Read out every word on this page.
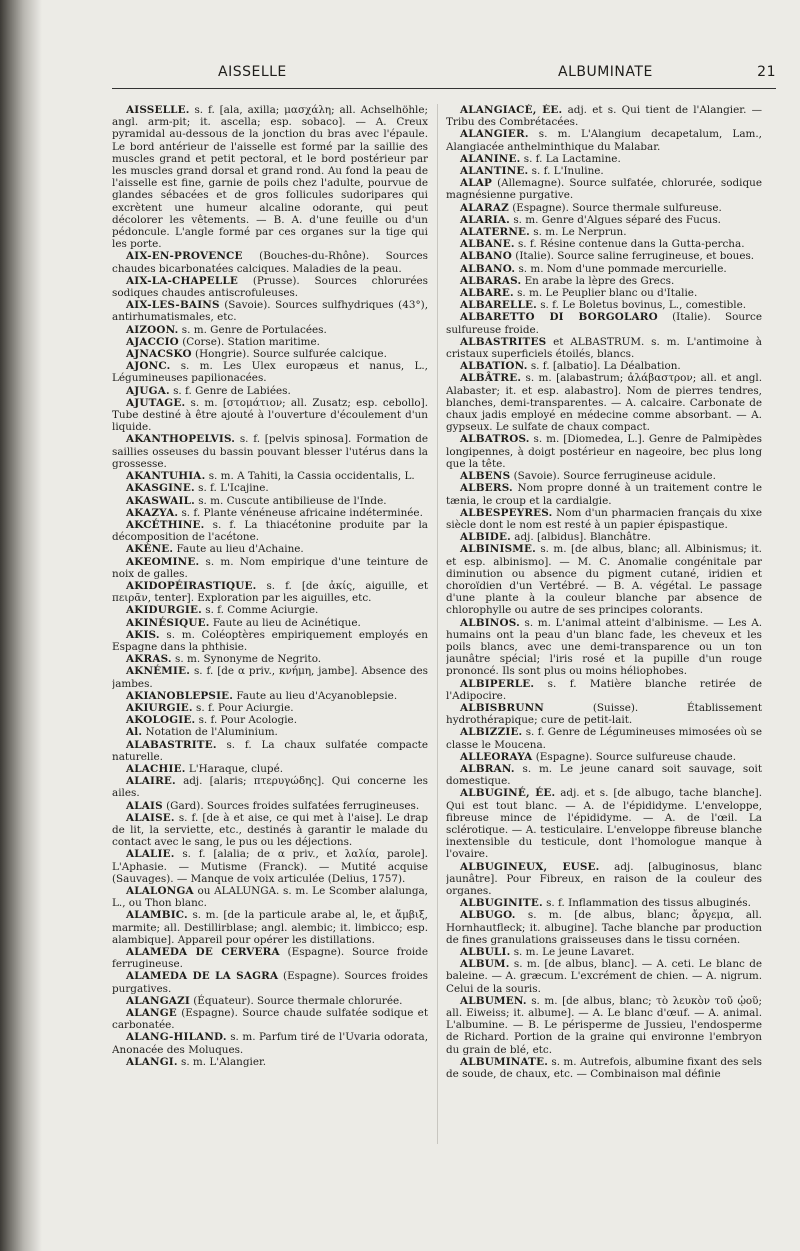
AISSELLE	ALBUMINATE	21

AISSELLE. s. f. [ala, axilla; μασχάλη; all. Achselhöhle; angl. arm-pit; it. ascella; esp. sobaco]. — A. Creux pyramidal au-dessous de la jonction du bras avec l'épaule. Le bord antérieur de l'aisselle est formé par la saillie des muscles grand et petit pectoral, et le bord postérieur par les muscles grand dorsal et grand rond. Au fond la peau de l'aisselle est fine, garnie de poils chez l'adulte, pourvue de glandes sébacées et de gros follicules sudoripares qui excrètent une humeur alcaline odorante, qui peut décolorer les vêtements. — B. A. d'une feuille ou d'un pédoncule. L'angle formé par ces organes sur la tige qui les porte.

AIX-EN-PROVENCE (Bouches-du-Rhône). Sources chaudes bicarbonatées calciques. Maladies de la peau.

AIX-LA-CHAPELLE (Prusse). Sources chlorurées sodiques chaudes antiscrofuleuses.

AIX-LES-BAINS (Savoie). Sources sulfhydriques (43°), antirhumatismales, etc.

AIZOON. s. m. Genre de Portulacées.

AJACCIO (Corse). Station maritime.

AJNACSKO (Hongrie). Source sulfurée calcique.

AJONC. s. m. Les Ulex europæus et nanus, L., Légumineuses papilionacées.

AJUGA. s. f. Genre de Labiées.

AJUTAGE. s. m. [στομάτιον; all. Zusatz; esp. cebollo]. Tube destiné à être ajouté à l'ouverture d'écoulement d'un liquide.

AKANTHOPELVIS. s. f. [pelvis spinosa]. Formation de saillies osseuses du bassin pouvant blesser l'utérus dans la grossesse.

AKANTUHIA. s. m. A Tahiti, la Cassia occidentalis, L.

AKASGINE. s. f. L'Icajine.

AKASWAIL. s. m. Cuscute antibilieuse de l'Inde.

AKAZYA. s. f. Plante vénéneuse africaine indéterminée.

AKCÉTHINE. s. f. La thiacétonine produite par la décomposition de l'acétone.

AKÈNE. Faute au lieu d'Achaine.

AKEOMINE. s. m. Nom empirique d'une teinture de noix de galles.

AKIDOPÉIRASTIQUE. s. f. [de ἀκίς, aiguille, et πειρᾶν, tenter]. Exploration par les aiguilles, etc.

AKIDURGIE. s. f. Comme Aciurgie.

AKINÉSIQUE. Faute au lieu de Acinétique.

AKIS. s. m. Coléoptères empiriquement employés en Espagne dans la phthisie.

AKRAS. s. m. Synonyme de Negrito.

AKNÉMIE. s. f. [de α priv., κνήμη, jambe]. Absence des jambes.

AKIANOBLEPSIE. Faute au lieu d'Acyanoblepsie.

AKIURGIE. s. f. Pour Aciurgie.

AKOLOGIE. s. f. Pour Acologie.

Al. Notation de l'Aluminium.

ALABASTRITE. s. f. La chaux sulfatée compacte naturelle.

ALACHIE. L'Haraque, clupé.

ALAIRE. adj. [alaris; πτερυγώδης]. Qui concerne les ailes.

ALAIS (Gard). Sources froides sulfatées ferrugineuses.

ALAISE. s. f. [de à et aise, ce qui met à l'aise]. Le drap de lit, la serviette, etc., destinés à garantir le malade du contact avec le sang, le pus ou les déjections.

ALALIE. s. f. [alalia; de α priv., et λαλία, parole]. L'Aphasie. — Mutisme (Franck). — Mutité acquise (Sauvages). — Manque de voix articulée (Delius, 1757).

ALALONGA ou ALALUNGA. s. m. Le Scomber alalunga, L., ou Thon blanc.

ALAMBIC. s. m. [de la particule arabe al, le, et ἄμβιξ, marmite; all. Destillirblase; angl. alembic; it. limbicco; esp. alambique]. Appareil pour opérer les distillations.

ALAMEDA DE CERVERA (Espagne). Source froide ferrugineuse.

ALAMEDA DE LA SAGRA (Espagne). Sources froides purgatives.

ALANGAZI (Équateur). Source thermale chlorurée.

ALANGE (Espagne). Source chaude sulfatée sodique et carbonatée.

ALANG-HILAND. s. m. Parfum tiré de l'Uvaria odorata, Anonacée des Moluques.

ALANGI. s. m. L'Alangier.

ALANGIACÉ, ÉE. adj. et s. Qui tient de l'Alangier. — Tribu des Combrétacées.

ALANGIER. s. m. L'Alangium decapetalum, Lam., Alangiacée anthelminthique du Malabar.

ALANINE. s. f. La Lactamine.

ALANTINE. s. f. L'Inuline.

ALAP (Allemagne). Source sulfatée, chlorurée, sodique magnésienne purgative.

ALARAZ (Espagne). Source thermale sulfureuse.

ALARIA. s. m. Genre d'Algues séparé des Fucus.

ALATERNE. s. m. Le Nerprun.

ALBANE. s. f. Résine contenue dans la Gutta-percha.

ALBANO (Italie). Source saline ferrugineuse, et boues.

ALBANO. s. m. Nom d'une pommade mercurielle.

ALBARAS. En arabe la lèpre des Grecs.

ALBARE. s. m. Le Peuplier blanc ou d'Italie.

ALBARELLE. s. f. Le Boletus bovinus, L., comestible.

ALBARETTO DI BORGOLARO (Italie). Source sulfureuse froide.

ALBASTRITES et ALBASTRUM. s. m. L'antimoine à cristaux superficiels étoilés, blancs.

ALBATION. s. f. [albatio]. La Déalbation.

ALBÂTRE. s. m. [alabastrum; ἀλάβαστρον; all. et angl. Alabaster; it. et esp. alabastro]. Nom de pierres tendres, blanches, demi-transparentes. — A. calcaire. Carbonate de chaux jadis employé en médecine comme absorbant. — A. gypseux. Le sulfate de chaux compact.

ALBATROS. s. m. [Diomedea, L.]. Genre de Palmipèdes longipennes, à doigt postérieur en nageoire, bec plus long que la tête.

ALBENS (Savoie). Source ferrugineuse acidule.

ALBERS. Nom propre donné à un traitement contre le tænia, le croup et la cardialgie.

ALBESPEYRES. Nom d'un pharmacien français du xixe siècle dont le nom est resté à un papier épispastique.

ALBIDE. adj. [albidus]. Blanchâtre.

ALBINISME. s. m. [de albus, blanc; all. Albinismus; it. et esp. albinismo]. — M. C. Anomalie congénitale par diminution ou absence du pigment cutané, iridien et choroïdien d'un Vertébré. — B. A. végétal. Le passage d'une plante à la couleur blanche par absence de chlorophylle ou autre de ses principes colorants.

ALBINOS. s. m. L'animal atteint d'albinisme. — Les A. humains ont la peau d'un blanc fade, les cheveux et les poils blancs, avec une demi-transparence ou un ton jaunâtre spécial; l'iris rosé et la pupille d'un rouge prononcé. Ils sont plus ou moins héliophobes.

ALBIPERLE. s. f. Matière blanche retirée de l'Adipocire.

ALBISBRUNN (Suisse). Établissement hydrothérapique; cure de petit-lait.

ALBIZZIE. s. f. Genre de Légumineuses mimosées où se classe le Moucena.

ALLEORAYA (Espagne). Source sulfureuse chaude.

ALBRAN. s. m. Le jeune canard soit sauvage, soit domestique.

ALBUGINÉ, ÉE. adj. et s. [de albugo, tache blanche]. Qui est tout blanc. — A. de l'épididyme. L'enveloppe, fibreuse mince de l'épididyme. — A. de l'œil. La sclérotique. — A. testiculaire. L'enveloppe fibreuse blanche inextensible du testicule, dont l'homologue manque à l'ovaire.

ALBUGINEUX, EUSE. adj. [albuginosus, blanc jaunâtre]. Pour Fibreux, en raison de la couleur des organes.

ALBUGINITE. s. f. Inflammation des tissus albuginés.

ALBUGO. s. m. [de albus, blanc; ἄργεμα, all. Hornhautfleck; it. albugine]. Tache blanche par production de fines granulations graisseuses dans le tissu cornéen.

ALBULI. s. m. Le jeune Lavaret.

ALBUM. s. m. [de albus, blanc]. — A. ceti. Le blanc de baleine. — A. græcum. L'excrément de chien. — A. nigrum. Celui de la souris.

ALBUMEN. s. m. [de albus, blanc; τὸ λευκὸν τοῦ ᾠοῦ; all. Eiweiss; it. albume]. — A. Le blanc d'œuf. — A. animal. L'albumine. — B. Le périsperme de Jussieu, l'endosperme de Richard. Portion de la graine qui environne l'embryon du grain de blé, etc.

ALBUMINATE. s. m. Autrefois, albumine fixant des sels de soude, de chaux, etc. — Combinaison mal définie
